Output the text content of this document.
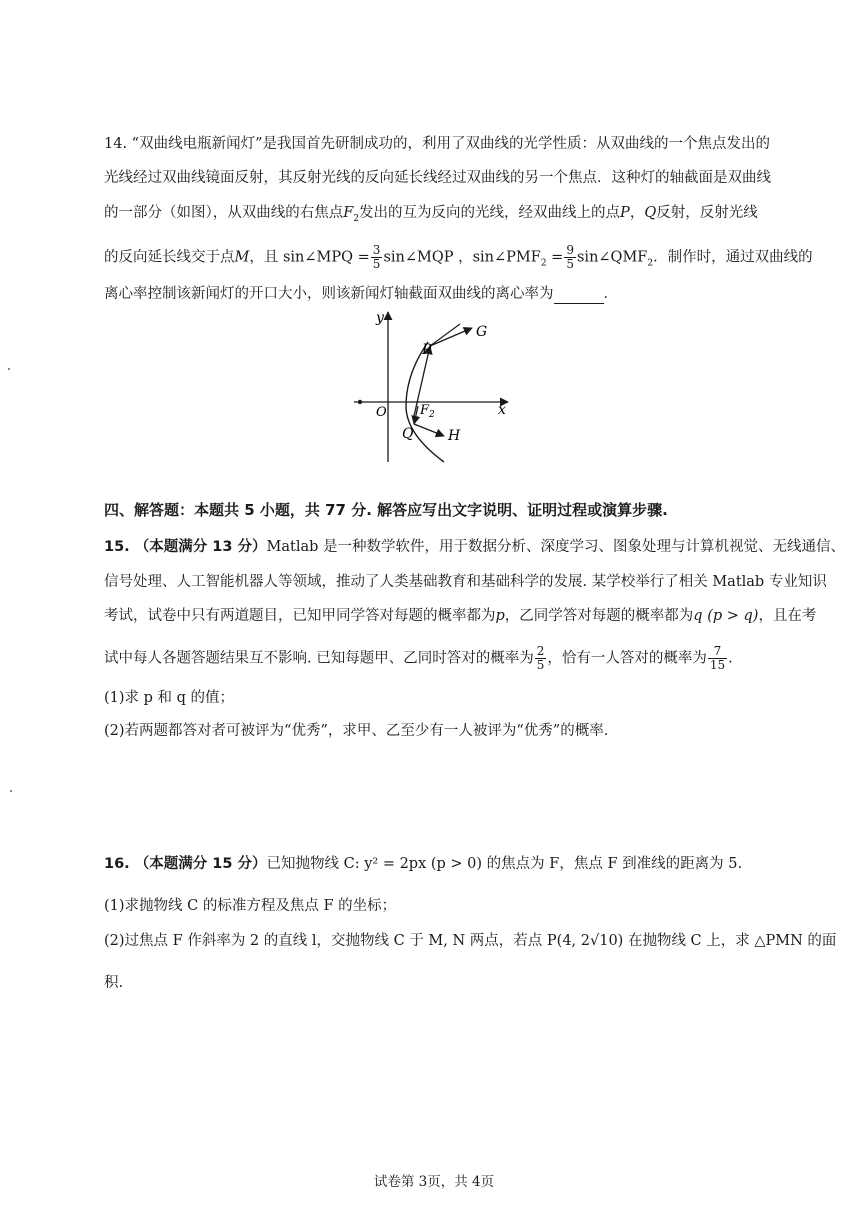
14. “双曲线电瓶新闻灯”是我国首先研制成功的，利用了双曲线的光学性质：从双曲线的一个焦点发出的
光线经过双曲线镜面反射，其反射光线的反向延长线经过双曲线的另一个焦点．这种灯的轴截面是双曲线
的一部分（如图），从双曲线的右焦点$F_2$发出的互为反向的光线，经双曲线上的点P，Q反射，反射光线
的反向延长线交于点M，且 sin∠MPQ = $\frac{3}{5}$ sin∠MQP ，$\sin\angle PMF_2 = \frac{9}{5}$ $\sin\angle QMF_2$．制作时，通过双曲线的
离心率控制该新闻灯的开口大小，则该新闻灯轴截面双曲线的离心率为	．
y
x
O	$F_2$
P
Q
G
H
四、解答题：本题共 5 小题，共 77 分. 解答应写出文字说明、证明过程或演算步骤.
15. （本题满分 13 分）Matlab 是一种数学软件，用于数据分析、深度学习、图象处理与计算机视觉、无线通信、
信号处理、人工智能机器人等领域，推动了人类基础教育和基础科学的发展. 某学校举行了相关 Matlab 专业知识
考试，试卷中只有两道题目，已知甲同学答对每题的概率都为p，乙同学答对每题的概率都为q (p > q)，且在考
试中每人各题答题结果互不影响. 已知每题甲、乙同时答对的概率为 $\frac{2}{5}$ ，恰有一人答对的概率为 $\frac{7}{15}$ .
(1)求 p 和 q 的值；
(2)若两题都答对者可被评为“优秀”，求甲、乙至少有一人被评为“优秀”的概率.
16. （本题满分 15 分）已知抛物线 C: y² = 2px (p > 0) 的焦点为 F，焦点 F 到准线的距离为 5.
(1)求抛物线 C 的标准方程及焦点 F 的坐标；
(2)过焦点 F 作斜率为 2 的直线 l，交抛物线 C 于 M, N 两点，若点 P(4, 2√10) 在抛物线 C 上，求 △PMN 的面
积.
试卷第 3页，共 4页
